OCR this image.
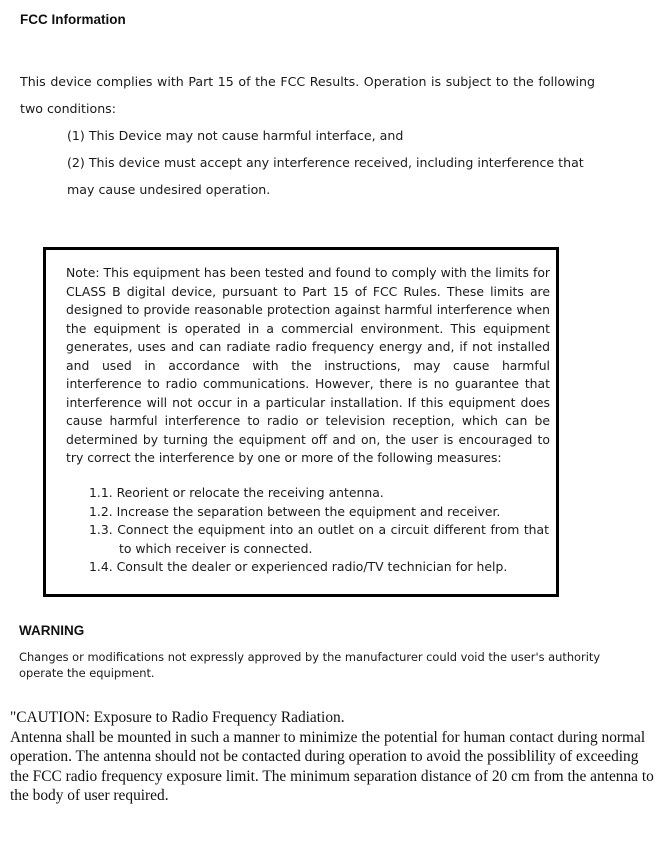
FCC Information
This device complies with Part 15 of the FCC Results. Operation is subject to the following two conditions:
(1) This Device may not cause harmful interface, and
(2) This device must accept any interference received, including interference that may cause undesired operation.
Note: This equipment has been tested and found to comply with the limits for CLASS B digital device, pursuant to Part 15 of FCC Rules. These limits are designed to provide reasonable protection against harmful interference when the equipment is operated in a commercial environment. This equipment generates, uses and can radiate radio frequency energy and, if not installed and used in accordance with the instructions, may cause harmful interference to radio communications. However, there is no guarantee that interference will not occur in a particular installation. If this equipment does cause harmful interference to radio or television reception, which can be determined by turning the equipment off and on, the user is encouraged to try correct the interference by one or more of the following measures:
1.1. Reorient or relocate the receiving antenna.
1.2. Increase the separation between the equipment and receiver.
1.3. Connect the equipment into an outlet on a circuit different from that to which receiver is connected.
1.4. Consult the dealer or experienced radio/TV technician for help.
WARNING
Changes or modifications not expressly approved by the manufacturer could void the user's authority operate the equipment.
"CAUTION: Exposure to Radio Frequency Radiation.
Antenna shall be mounted in such a manner to minimize the potential for human contact during normal operation. The antenna should not be contacted during operation to avoid the possiblility of exceeding the FCC radio frequency exposure limit. The minimum separation distance of 20 cm from the antenna to the body of user required.
